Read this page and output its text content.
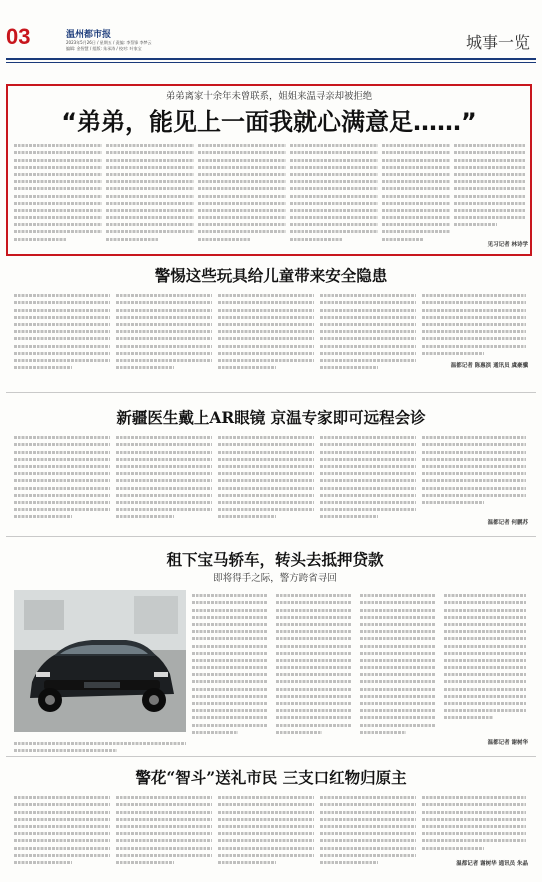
03	温州都市报
2023年5月26日 / 星期五 / 责编: 李蔡锋 李梦云
编辑: 金智慧 / 组版: 朱承涛 / 校对: 叶家宝	城事一览
弟弟离家十余年未曾联系，姐姐来温寻亲却被拒绝
“弟弟，能见上一面我就心满意足……”
见习记者 林诗学
警惕这些玩具给儿童带来安全隐患
温都记者 陈惠滨 通讯员 虞豪骥
新疆医生戴上AR眼镜 京温专家即可远程会诊
温都记者 何鹏苏
租下宝马轿车，转头去抵押贷款
即将得手之际，警方跨省寻回
温都记者 谢树华
警花“智斗”送礼市民 三支口红物归原主
温都记者 谢树华 通讯员 朱晶
